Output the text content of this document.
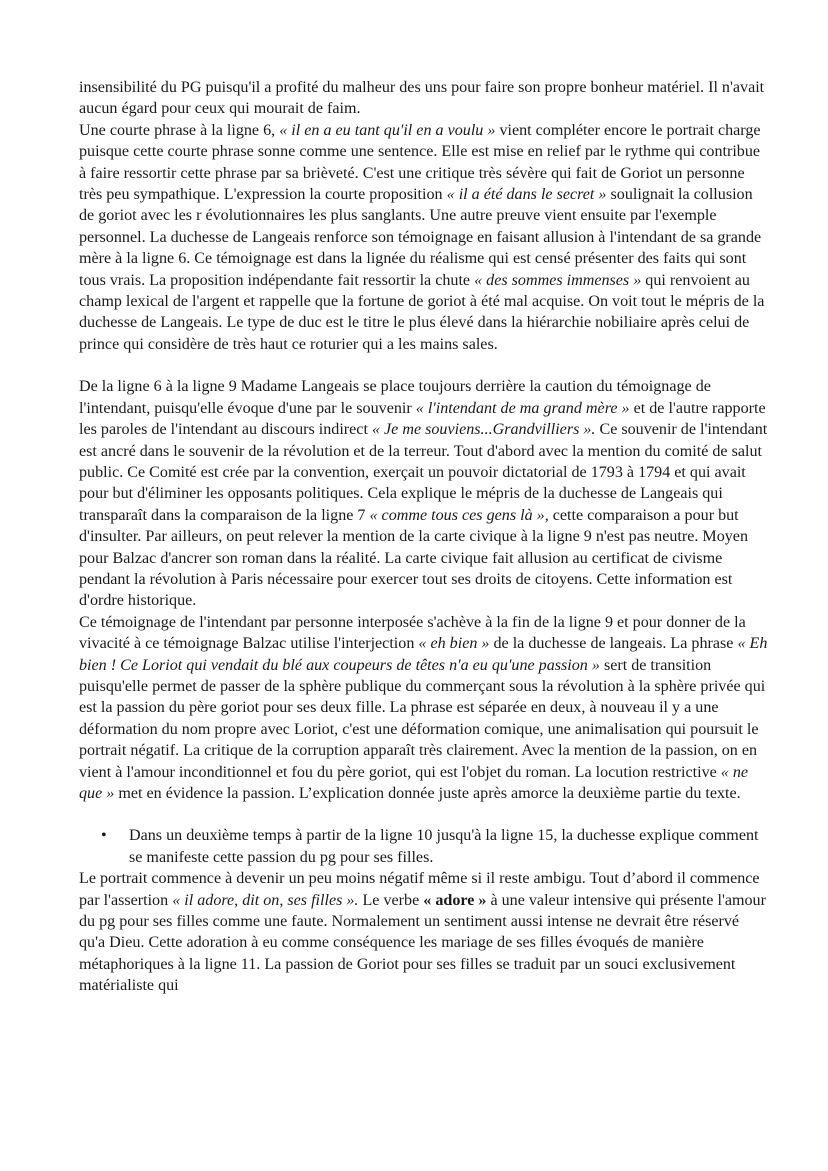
insensibilité du PG puisqu'il a profité du malheur des uns pour faire son propre bonheur matériel. Il n'avait aucun égard pour ceux qui mourait de faim.

Une courte phrase à la ligne 6, « il en a eu tant qu'il en a voulu » vient compléter encore le portrait charge puisque cette courte phrase sonne comme une sentence. Elle est mise en relief par le rythme qui contribue à faire ressortir cette phrase par sa brièveté. C'est une critique très sévère qui fait de Goriot un personne très peu sympathique. L'expression la courte proposition « il a été dans le secret » soulignait la collusion de goriot avec les r évolutionnaires les plus sanglants. Une autre preuve vient ensuite par l'exemple personnel. La duchesse de Langeais renforce son témoignage en faisant allusion à l'intendant de sa grande mère à la ligne 6. Ce témoignage est dans la lignée du réalisme qui est censé présenter des faits qui sont tous vrais. La proposition indépendante fait ressortir la chute « des sommes immenses » qui renvoient au champ lexical de l'argent et rappelle que la fortune de goriot à été mal acquise. On voit tout le mépris de la duchesse de Langeais. Le type de duc est le titre le plus élevé dans la hiérarchie nobiliaire après celui de prince qui considère de très haut ce roturier qui a les mains sales.

De la ligne 6 à la ligne 9 Madame Langeais se place toujours derrière la caution du témoignage de l'intendant, puisqu'elle évoque d'une par le souvenir « l'intendant de ma grand mère » et de l'autre rapporte les paroles de l'intendant au discours indirect « Je me souviens...Grandvilliers ». Ce souvenir de l'intendant est ancré dans le souvenir de la révolution et de la terreur. Tout d'abord avec la mention du comité de salut public. Ce Comité est crée par la convention, exerçait un pouvoir dictatorial de 1793 à 1794 et qui avait pour but d'éliminer les opposants politiques. Cela explique le mépris de la duchesse de Langeais qui transparaît dans la comparaison de la ligne 7 « comme tous ces gens là », cette comparaison a pour but d'insulter. Par ailleurs, on peut relever la mention de la carte civique à la ligne 9 n'est pas neutre. Moyen pour Balzac d'ancrer son roman dans la réalité. La carte civique fait allusion au certificat de civisme pendant la révolution à Paris nécessaire pour exercer tout ses droits de citoyens. Cette information est d'ordre historique.

Ce témoignage de l'intendant par personne interposée s'achève à la fin de la ligne 9 et pour donner de la vivacité à ce témoignage Balzac utilise l'interjection « eh bien » de la duchesse de langeais. La phrase « Eh bien ! Ce Loriot qui vendait du blé aux coupeurs de têtes n'a eu qu'une passion » sert de transition puisqu'elle permet de passer de la sphère publique du commerçant sous la révolution à la sphère privée qui est la passion du père goriot pour ses deux fille. La phrase est séparée en deux, à nouveau il y a une déformation du nom propre avec Loriot, c'est une déformation comique, une animalisation qui poursuit le portrait négatif. La critique de la corruption apparaît très clairement. Avec la mention de la passion, on en vient à l'amour inconditionnel et fou du père goriot, qui est l'objet du roman. La locution restrictive « ne que » met en évidence la passion. L’explication donnée juste après amorce la deuxième partie du texte.

• Dans un deuxième temps à partir de la ligne 10 jusqu'à la ligne 15, la duchesse explique comment se manifeste cette passion du pg pour ses filles.

Le portrait commence à devenir un peu moins négatif même si il reste ambigu. Tout d’abord il commence par l'assertion « il adore, dit on, ses filles ». Le verbe « adore » à une valeur intensive qui présente l'amour du pg pour ses filles comme une faute. Normalement un sentiment aussi intense ne devrait être réservé qu'a Dieu. Cette adoration à eu comme conséquence les mariage de ses filles évoqués de manière métaphoriques à la ligne 11. La passion de Goriot pour ses filles se traduit par un souci exclusivement matérialiste qui
